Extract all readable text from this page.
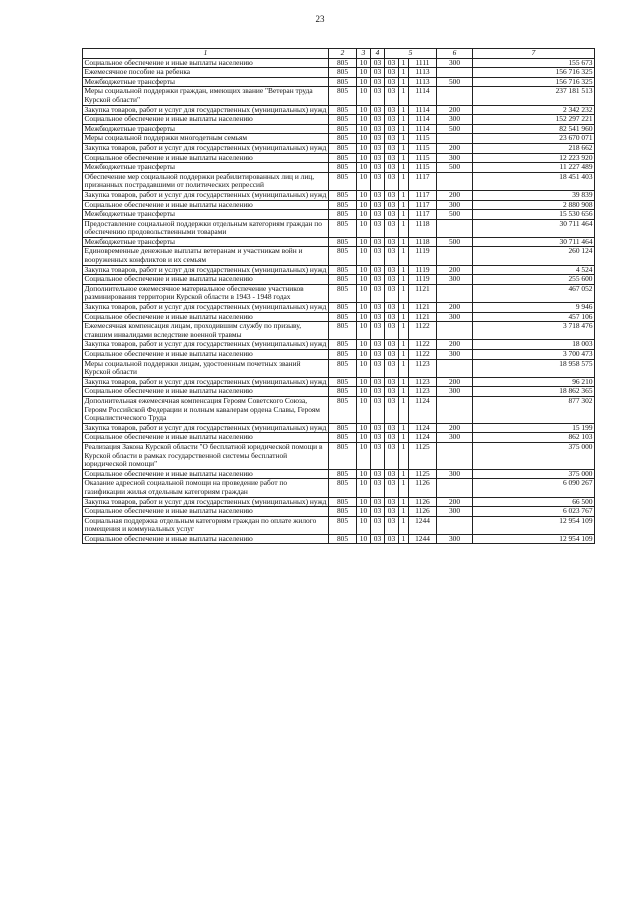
23
1	2	3	4	5			6	7
Социальное обеспечение и иные выплаты населению	805	10	03	03	1	1111	300	155 673
Ежемесячное пособие на ребенка	805	10	03	03	1	1113		156 716 325
Межбюджетные трансферты	805	10	03	03	1	1113	500	156 716 325
Меры социальной поддержки граждан, имеющих звание "Ветеран труда Курской области"	805	10	03	03	1	1114		237 181 513
Закупка товаров, работ и услуг для государственных (муниципальных) нужд	805	10	03	03	1	1114	200	2 342 232
Социальное обеспечение и иные выплаты населению	805	10	03	03	1	1114	300	152 297 221
Межбюджетные трансферты	805	10	03	03	1	1114	500	82 541 960
Меры социальной поддержки многодетным семьям	805	10	03	03	1	1115		23 670 071
Закупка товаров, работ и услуг для государственных (муниципальных) нужд	805	10	03	03	1	1115	200	218 662
Социальное обеспечение и иные выплаты населению	805	10	03	03	1	1115	300	12 223 920
Межбюджетные трансферты	805	10	03	03	1	1115	500	11 227 489
Обеспечение мер социальной поддержки реабилитированных лиц и лиц, признанных пострадавшими от политических репрессий	805	10	03	03	1	1117		18 451 403
Закупка товаров, работ и услуг для государственных (муниципальных) нужд	805	10	03	03	1	1117	200	39 839
Социальное обеспечение и иные выплаты населению	805	10	03	03	1	1117	300	2 880 908
Межбюджетные трансферты	805	10	03	03	1	1117	500	15 530 656
Предоставление социальной поддержки отдельным категориям граждан по обеспечению продовольственными товарами	805	10	03	03	1	1118		30 711 464
Межбюджетные трансферты	805	10	03	03	1	1118	500	30 711 464
Единовременные денежные выплаты ветеранам и участникам войн и вооруженных конфликтов и их семьям	805	10	03	03	1	1119		260 124
Закупка товаров, работ и услуг для государственных (муниципальных) нужд	805	10	03	03	1	1119	200	4 524
Социальное обеспечение и иные выплаты населению	805	10	03	03	1	1119	300	255 600
Дополнительное ежемесячное материальное обеспечение участников разминирования территории Курской области в 1943 - 1948 годах	805	10	03	03	1	1121		467 052
Закупка товаров, работ и услуг для государственных (муниципальных) нужд	805	10	03	03	1	1121	200	9 946
Социальное обеспечение и иные выплаты населению	805	10	03	03	1	1121	300	457 106
Ежемесячная компенсация лицам, проходившим службу по призыву, ставшим инвалидами вследствие военной травмы	805	10	03	03	1	1122		3 718 476
Закупка товаров, работ и услуг для государственных (муниципальных) нужд	805	10	03	03	1	1122	200	18 003
Социальное обеспечение и иные выплаты населению	805	10	03	03	1	1122	300	3 700 473
Меры социальной поддержки лицам, удостоенным почетных званий Курской области	805	10	03	03	1	1123		18 958 575
Закупка товаров, работ и услуг для государственных (муниципальных) нужд	805	10	03	03	1	1123	200	96 210
Социальное обеспечение и иные выплаты населению	805	10	03	03	1	1123	300	18 862 365
Дополнительная ежемесячная компенсация Героям Советского Союза, Героям Российской Федерации и полным кавалерам ордена Славы, Героям Социалистического Труда	805	10	03	03	1	1124		877 302
Закупка товаров, работ и услуг для государственных (муниципальных) нужд	805	10	03	03	1	1124	200	15 199
Социальное обеспечение и иные выплаты населению	805	10	03	03	1	1124	300	862 103
Реализация Закона Курской области "О бесплатной юридической помощи в Курской области в рамках государственной системы бесплатной юридической помощи"	805	10	03	03	1	1125		375 000
Социальное обеспечение и иные выплаты населению	805	10	03	03	1	1125	300	375 000
Оказание адресной социальной помощи на проведение работ по газификации жилья отдельным категориям граждан	805	10	03	03	1	1126		6 090 267
Закупка товаров, работ и услуг для государственных (муниципальных) нужд	805	10	03	03	1	1126	200	66 500
Социальное обеспечение и иные выплаты населению	805	10	03	03	1	1126	300	6 023 767
Социальная поддержка отдельным категориям граждан по оплате жилого помещения и коммунальных услуг	805	10	03	03	1	1244		12 954 109
Социальное обеспечение и иные выплаты населению	805	10	03	03	1	1244	300	12 954 109
